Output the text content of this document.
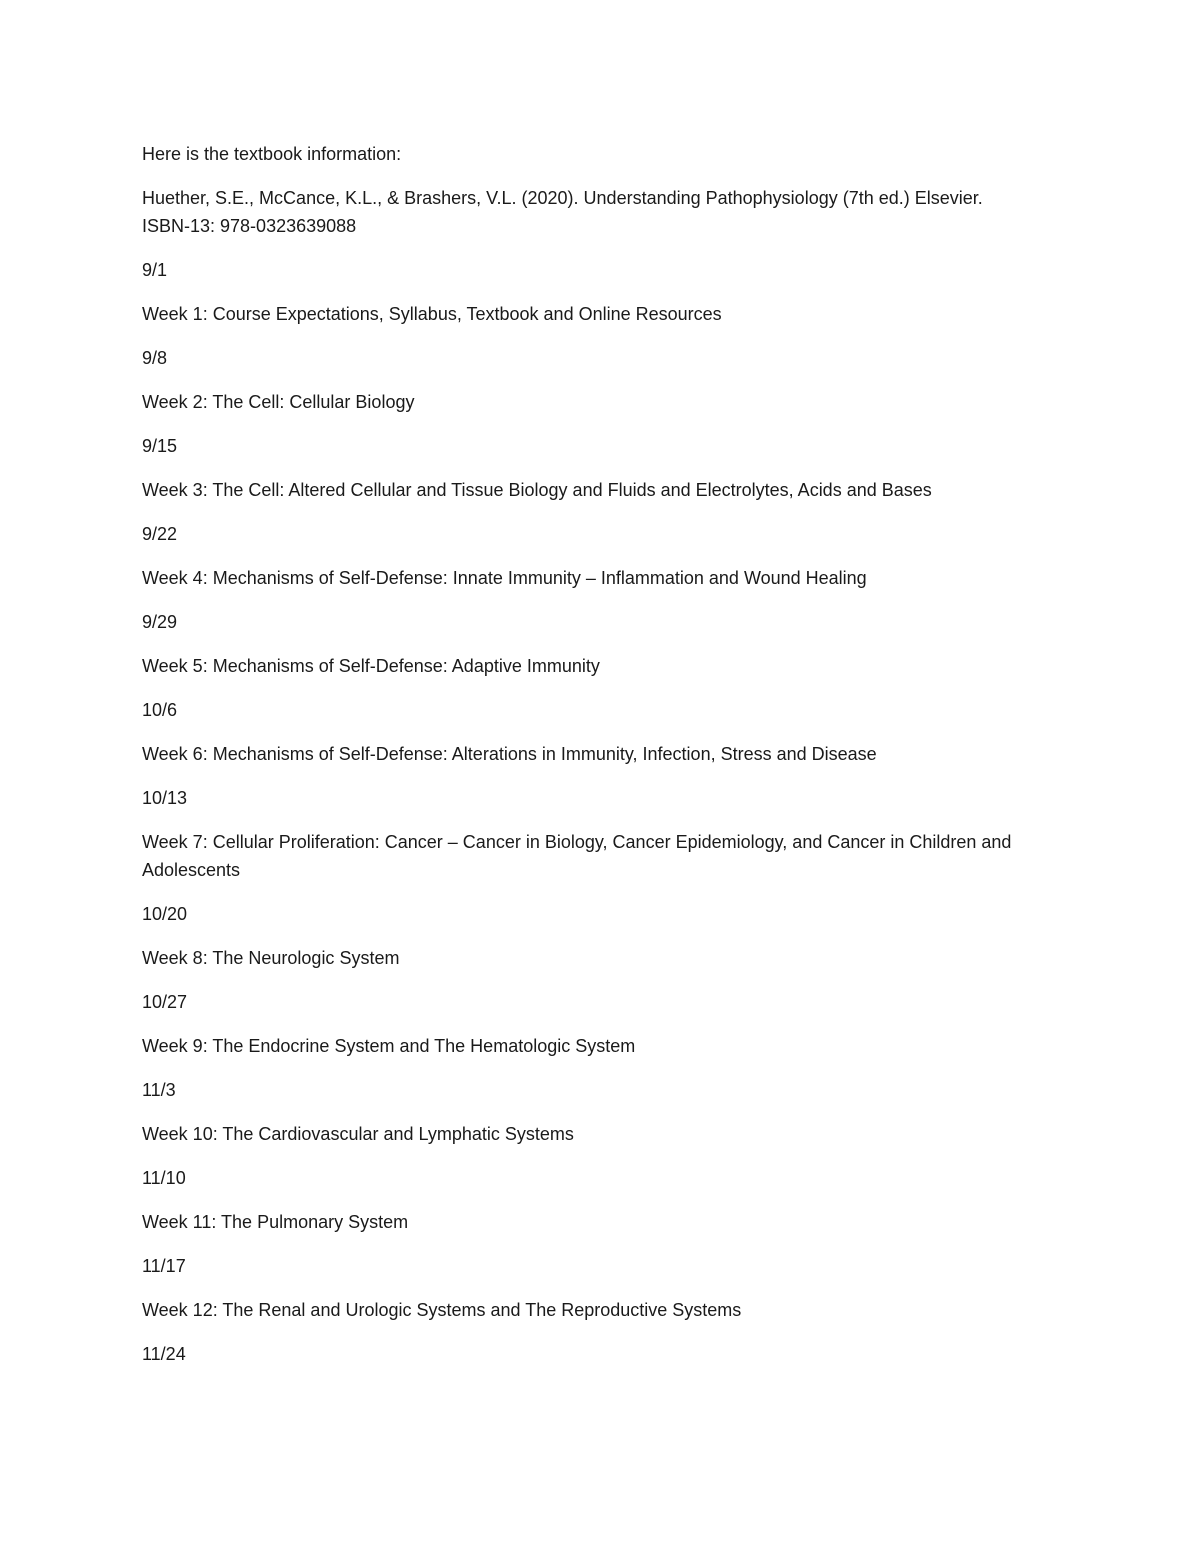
Here is the textbook information:

Huether, S.E., McCance, K.L., & Brashers, V.L. (2020). Understanding Pathophysiology (7th ed.) Elsevier.

ISBN-13: 978-0323639088

9/1

Week 1: Course Expectations, Syllabus, Textbook and Online Resources

9/8

Week 2: The Cell: Cellular Biology

9/15

Week 3: The Cell: Altered Cellular and Tissue Biology and Fluids and Electrolytes, Acids and Bases

9/22

Week 4: Mechanisms of Self-Defense: Innate Immunity – Inflammation and Wound Healing

9/29

Week 5: Mechanisms of Self-Defense: Adaptive Immunity

10/6

Week 6: Mechanisms of Self-Defense: Alterations in Immunity, Infection, Stress and Disease

10/13

Week 7: Cellular Proliferation: Cancer – Cancer in Biology, Cancer Epidemiology, and Cancer in Children and Adolescents

10/20

Week 8: The Neurologic System

10/27

Week 9: The Endocrine System and The Hematologic System

11/3

Week 10: The Cardiovascular and Lymphatic Systems

11/10

Week 11: The Pulmonary System

11/17

Week 12: The Renal and Urologic Systems and The Reproductive Systems

11/24
